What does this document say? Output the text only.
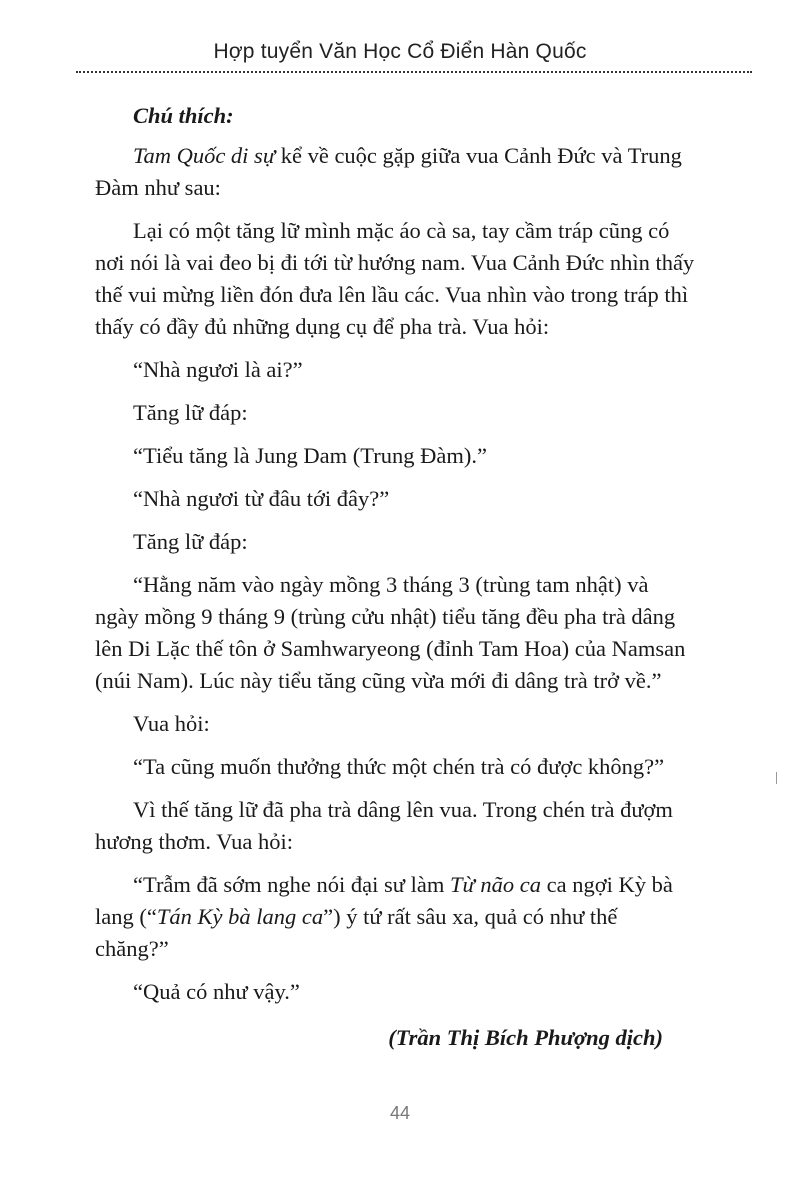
Hợp tuyển Văn Học Cổ Điển Hàn Quốc

Chú thích:

Tam Quốc di sự kể về cuộc gặp giữa vua Cảnh Đức và Trung Đàm như sau:

Lại có một tăng lữ mình mặc áo cà sa, tay cầm tráp cũng có nơi nói là vai đeo bị đi tới từ hướng nam. Vua Cảnh Đức nhìn thấy thế vui mừng liền đón đưa lên lầu các. Vua nhìn vào trong tráp thì thấy có đầy đủ những dụng cụ để pha trà. Vua hỏi:

“Nhà ngươi là ai?”

Tăng lữ đáp:

“Tiểu tăng là Jung Dam (Trung Đàm).”

“Nhà ngươi từ đâu tới đây?”

Tăng lữ đáp:

“Hằng năm vào ngày mồng 3 tháng 3 (trùng tam nhật) và ngày mồng 9 tháng 9 (trùng cửu nhật) tiểu tăng đều pha trà dâng lên Di Lặc thế tôn ở Samhwaryeong (đỉnh Tam Hoa) của Namsan (núi Nam). Lúc này tiểu tăng cũng vừa mới đi dâng trà trở về.”

Vua hỏi:

“Ta cũng muốn thưởng thức một chén trà có được không?”

Vì thế tăng lữ đã pha trà dâng lên vua. Trong chén trà đượm hương thơm. Vua hỏi:

“Trẫm đã sớm nghe nói đại sư làm Từ não ca ca ngợi Kỳ bà lang (“Tán Kỳ bà lang ca”) ý tứ rất sâu xa, quả có như thế chăng?”

“Quả có như vậy.”

(Trần Thị Bích Phượng dịch)

44
